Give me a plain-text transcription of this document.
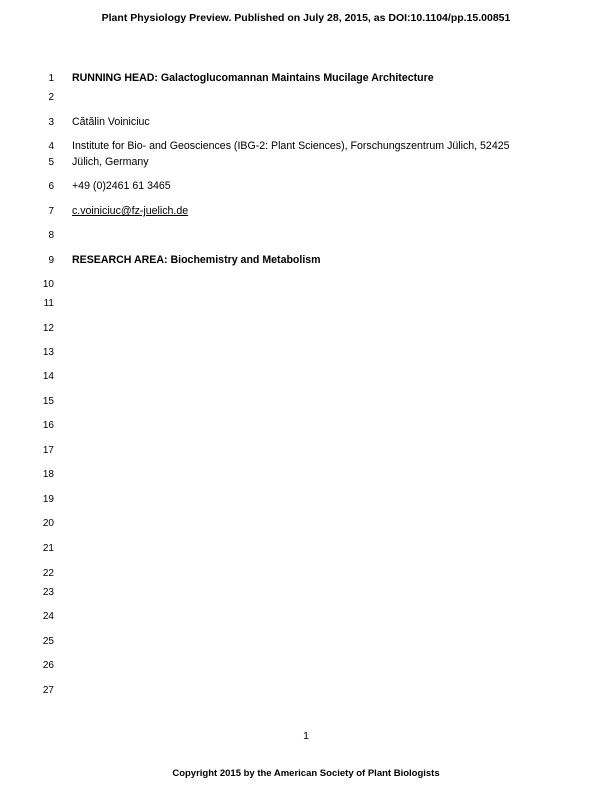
Plant Physiology Preview. Published on July 28, 2015, as DOI:10.1104/pp.15.00851
1
2
3
4
5
6
7
8
9
10
11
12
13
14
15
16
17
18
19
20
21
22
23
24
25
26
27
RUNNING HEAD: Galactoglucomannan Maintains Mucilage Architecture
Cătălin Voiniciuc
Institute for Bio- and Geosciences (IBG-2: Plant Sciences), Forschungszentrum Jülich, 52425
Jülich, Germany
+49 (0)2461 61 3465
c.voiniciuc@fz-juelich.de
RESEARCH AREA: Biochemistry and Metabolism
1
Copyright 2015 by the American Society of Plant Biologists
